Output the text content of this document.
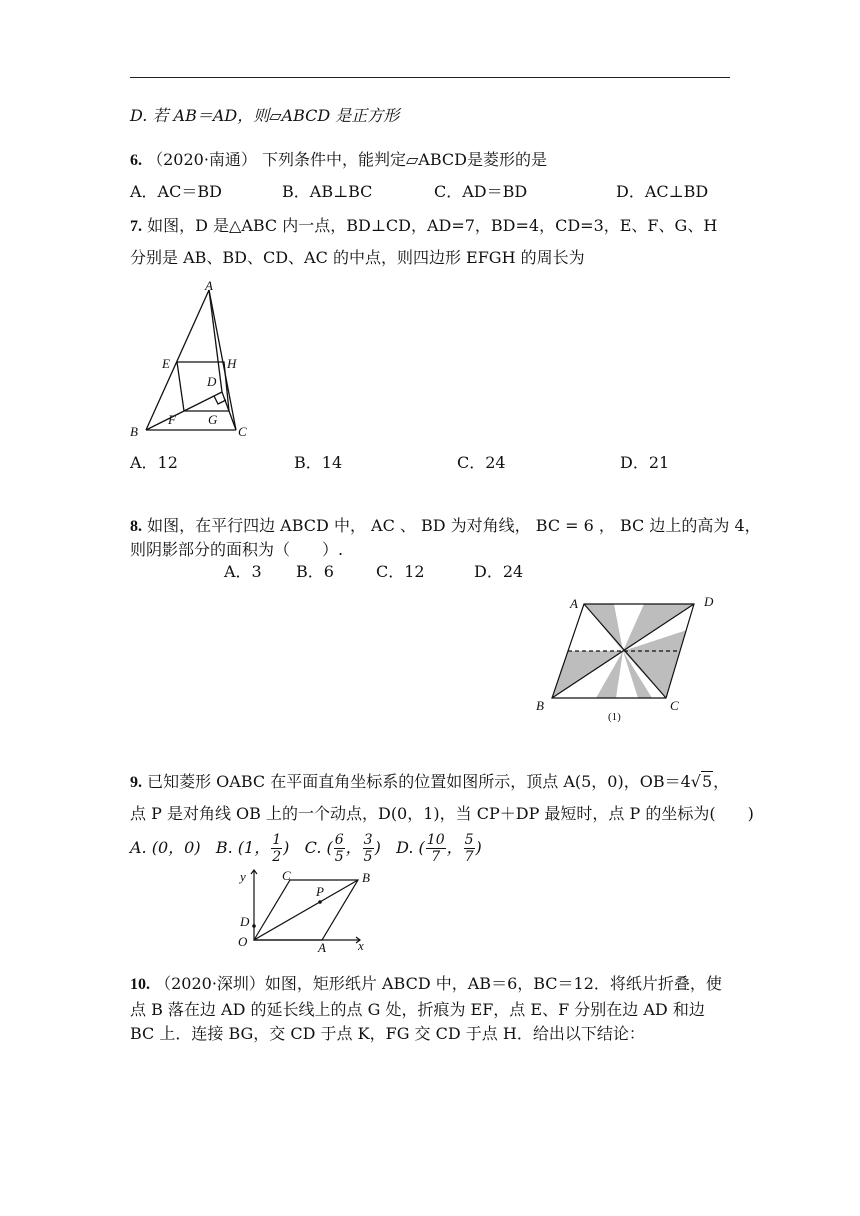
D. 若 AB＝AD，则▱ABCD 是正方形
6. （2020·南通） 下列条件中，能判定▱ABCD是菱形的是
A．AC＝BD	B．AB⊥BC	C．AD＝BD	D．AC⊥BD
7. 如图，D 是△ABC 内一点，BD⊥CD，AD=7，BD=4，CD=3，E、F、G、H
分别是 AB、BD、CD、AC 的中点，则四边形 EFGH 的周长为
A
E	H
D
F G
B	C
A．12	B．14	C．24	D．21
8. 如图，在平行四边 ABCD 中， AC 、 BD 为对角线， BC = 6 ， BC 边上的高为 4，
则阴影部分的面积为（　　）.
A．3 B．6	C．12	D．24
A	D
B	C
(1)
9. 已知菱形 OABC 在平面直角坐标系的位置如图所示，顶点 A(5，0)，OB＝4√5，
点 P 是对角线 OB 上的一个动点，D(0，1)，当 CP＋DP 最短时，点 P 的坐标为(　　)
A. (0，0) B. (1， $\frac{1}{2}$ ) C. ( $\frac{6}{5}$ ， $\frac{3}{5}$ ) D. ( $\frac{10}{7}$ ， $\frac{5}{7}$ )
y	C	B
P
D
O	A x
10. （2020·深圳）如图，矩形纸片 ABCD 中，AB＝6，BC＝12．将纸片折叠，使
点 B 落在边 AD 的延长线上的点 G 处，折痕为 EF，点 E、F 分别在边 AD 和边
BC 上．连接 BG，交 CD 于点 K，FG 交 CD 于点 H．给出以下结论：
